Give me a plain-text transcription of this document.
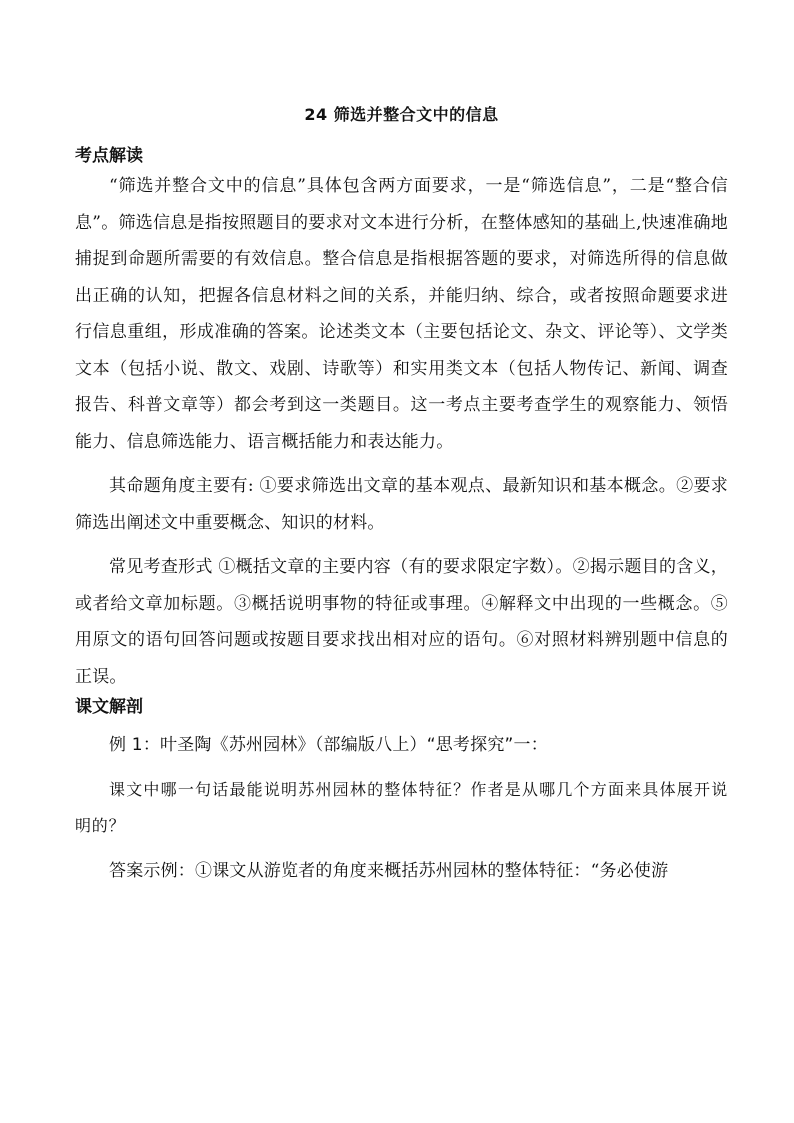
24 筛选并整合文中的信息
考点解读

“筛选并整合文中的信息”具体包含两方面要求，一是“筛选信息”，二是“整合信息”。筛选信息是指按照题目的要求对文本进行分析，在整体感知的基础上,快速准确地捕捉到命题所需要的有效信息。整合信息是指根据答题的要求，对筛选所得的信息做出正确的认知，把握各信息材料之间的关系，并能归纳、综合，或者按照命题要求进行信息重组，形成准确的答案。论述类文本（主要包括论文、杂文、评论等）、文学类文本（包括小说、散文、戏剧、诗歌等）和实用类文本（包括人物传记、新闻、调查报告、科普文章等）都会考到这一类题目。这一考点主要考查学生的观察能力、领悟能力、信息筛选能力、语言概括能力和表达能力。

其命题角度主要有: ①要求筛选出文章的基本观点、最新知识和基本概念。②要求筛选出阐述文中重要概念、知识的材料。

常见考查形式 ①概括文章的主要内容（有的要求限定字数）。②揭示题目的含义，或者给文章加标题。③概括说明事物的特征或事理。④解释文中出现的一些概念。⑤用原文的语句回答问题或按题目要求找出相对应的语句。⑥对照材料辨别题中信息的正误。

课文解剖

例 1：叶圣陶《苏州园林》（部编版八上）“思考探究”一：

课文中哪一句话最能说明苏州园林的整体特征？作者是从哪几个方面来具体展开说明的？

答案示例：①课文从游览者的角度来概括苏州园林的整体特征：“务必使游
